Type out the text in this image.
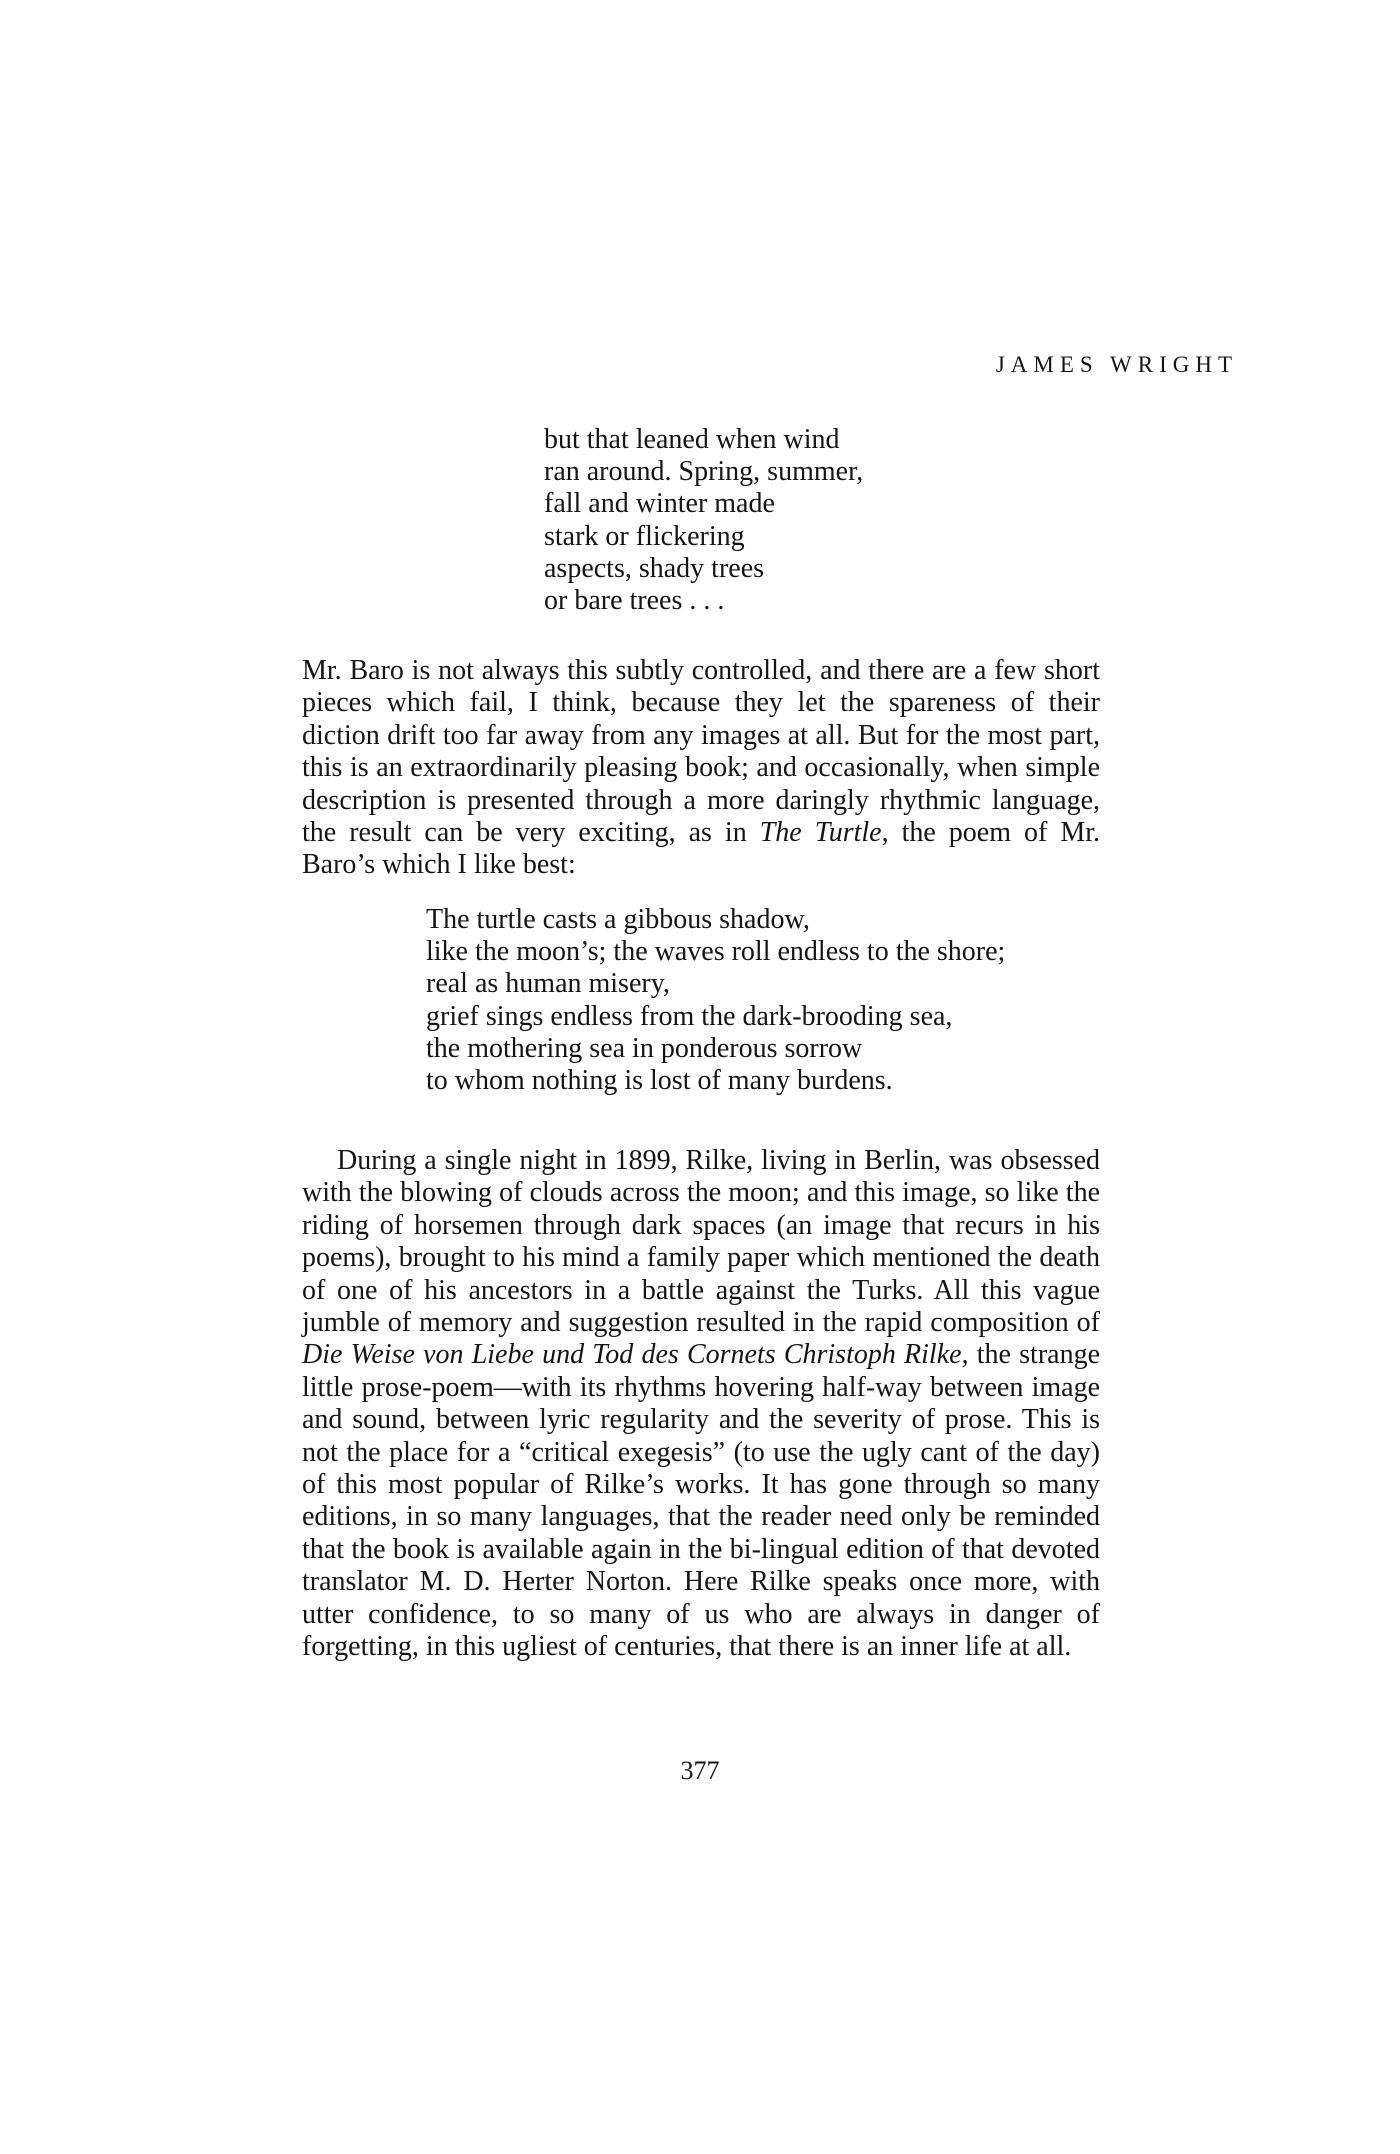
JAMES WRIGHT
but that leaned when wind
ran around. Spring, summer,
fall and winter made
stark or flickering
aspects, shady trees
or bare trees . . .

Mr. Baro is not always this subtly controlled, and there are a few short pieces which fail, I think, because they let the spareness of their diction drift too far away from any images at all. But for the most part, this is an extraordinarily pleasing book; and occasionally, when simple description is presented through a more daringly rhythmic language, the result can be very exciting, as in The Turtle, the poem of Mr. Baro’s which I like best:

The turtle casts a gibbous shadow,
like the moon’s; the waves roll endless to the shore;
real as human misery,
grief sings endless from the dark-brooding sea,
the mothering sea in ponderous sorrow
to whom nothing is lost of many burdens.

During a single night in 1899, Rilke, living in Berlin, was obsessed with the blowing of clouds across the moon; and this image, so like the riding of horsemen through dark spaces (an image that recurs in his poems), brought to his mind a family paper which mentioned the death of one of his ancestors in a battle against the Turks. All this vague jumble of memory and suggestion resulted in the rapid composition of Die Weise von Liebe und Tod des Cornets Christoph Rilke, the strange little prose-poem—with its rhythms hovering half-way between image and sound, between lyric regularity and the severity of prose. This is not the place for a “critical exegesis” (to use the ugly cant of the day) of this most popular of Rilke’s works. It has gone through so many editions, in so many languages, that the reader need only be reminded that the book is available again in the bi-lingual edition of that devoted translator M. D. Herter Norton. Here Rilke speaks once more, with utter confidence, to so many of us who are always in danger of forgetting, in this ugliest of centuries, that there is an inner life at all.

377
